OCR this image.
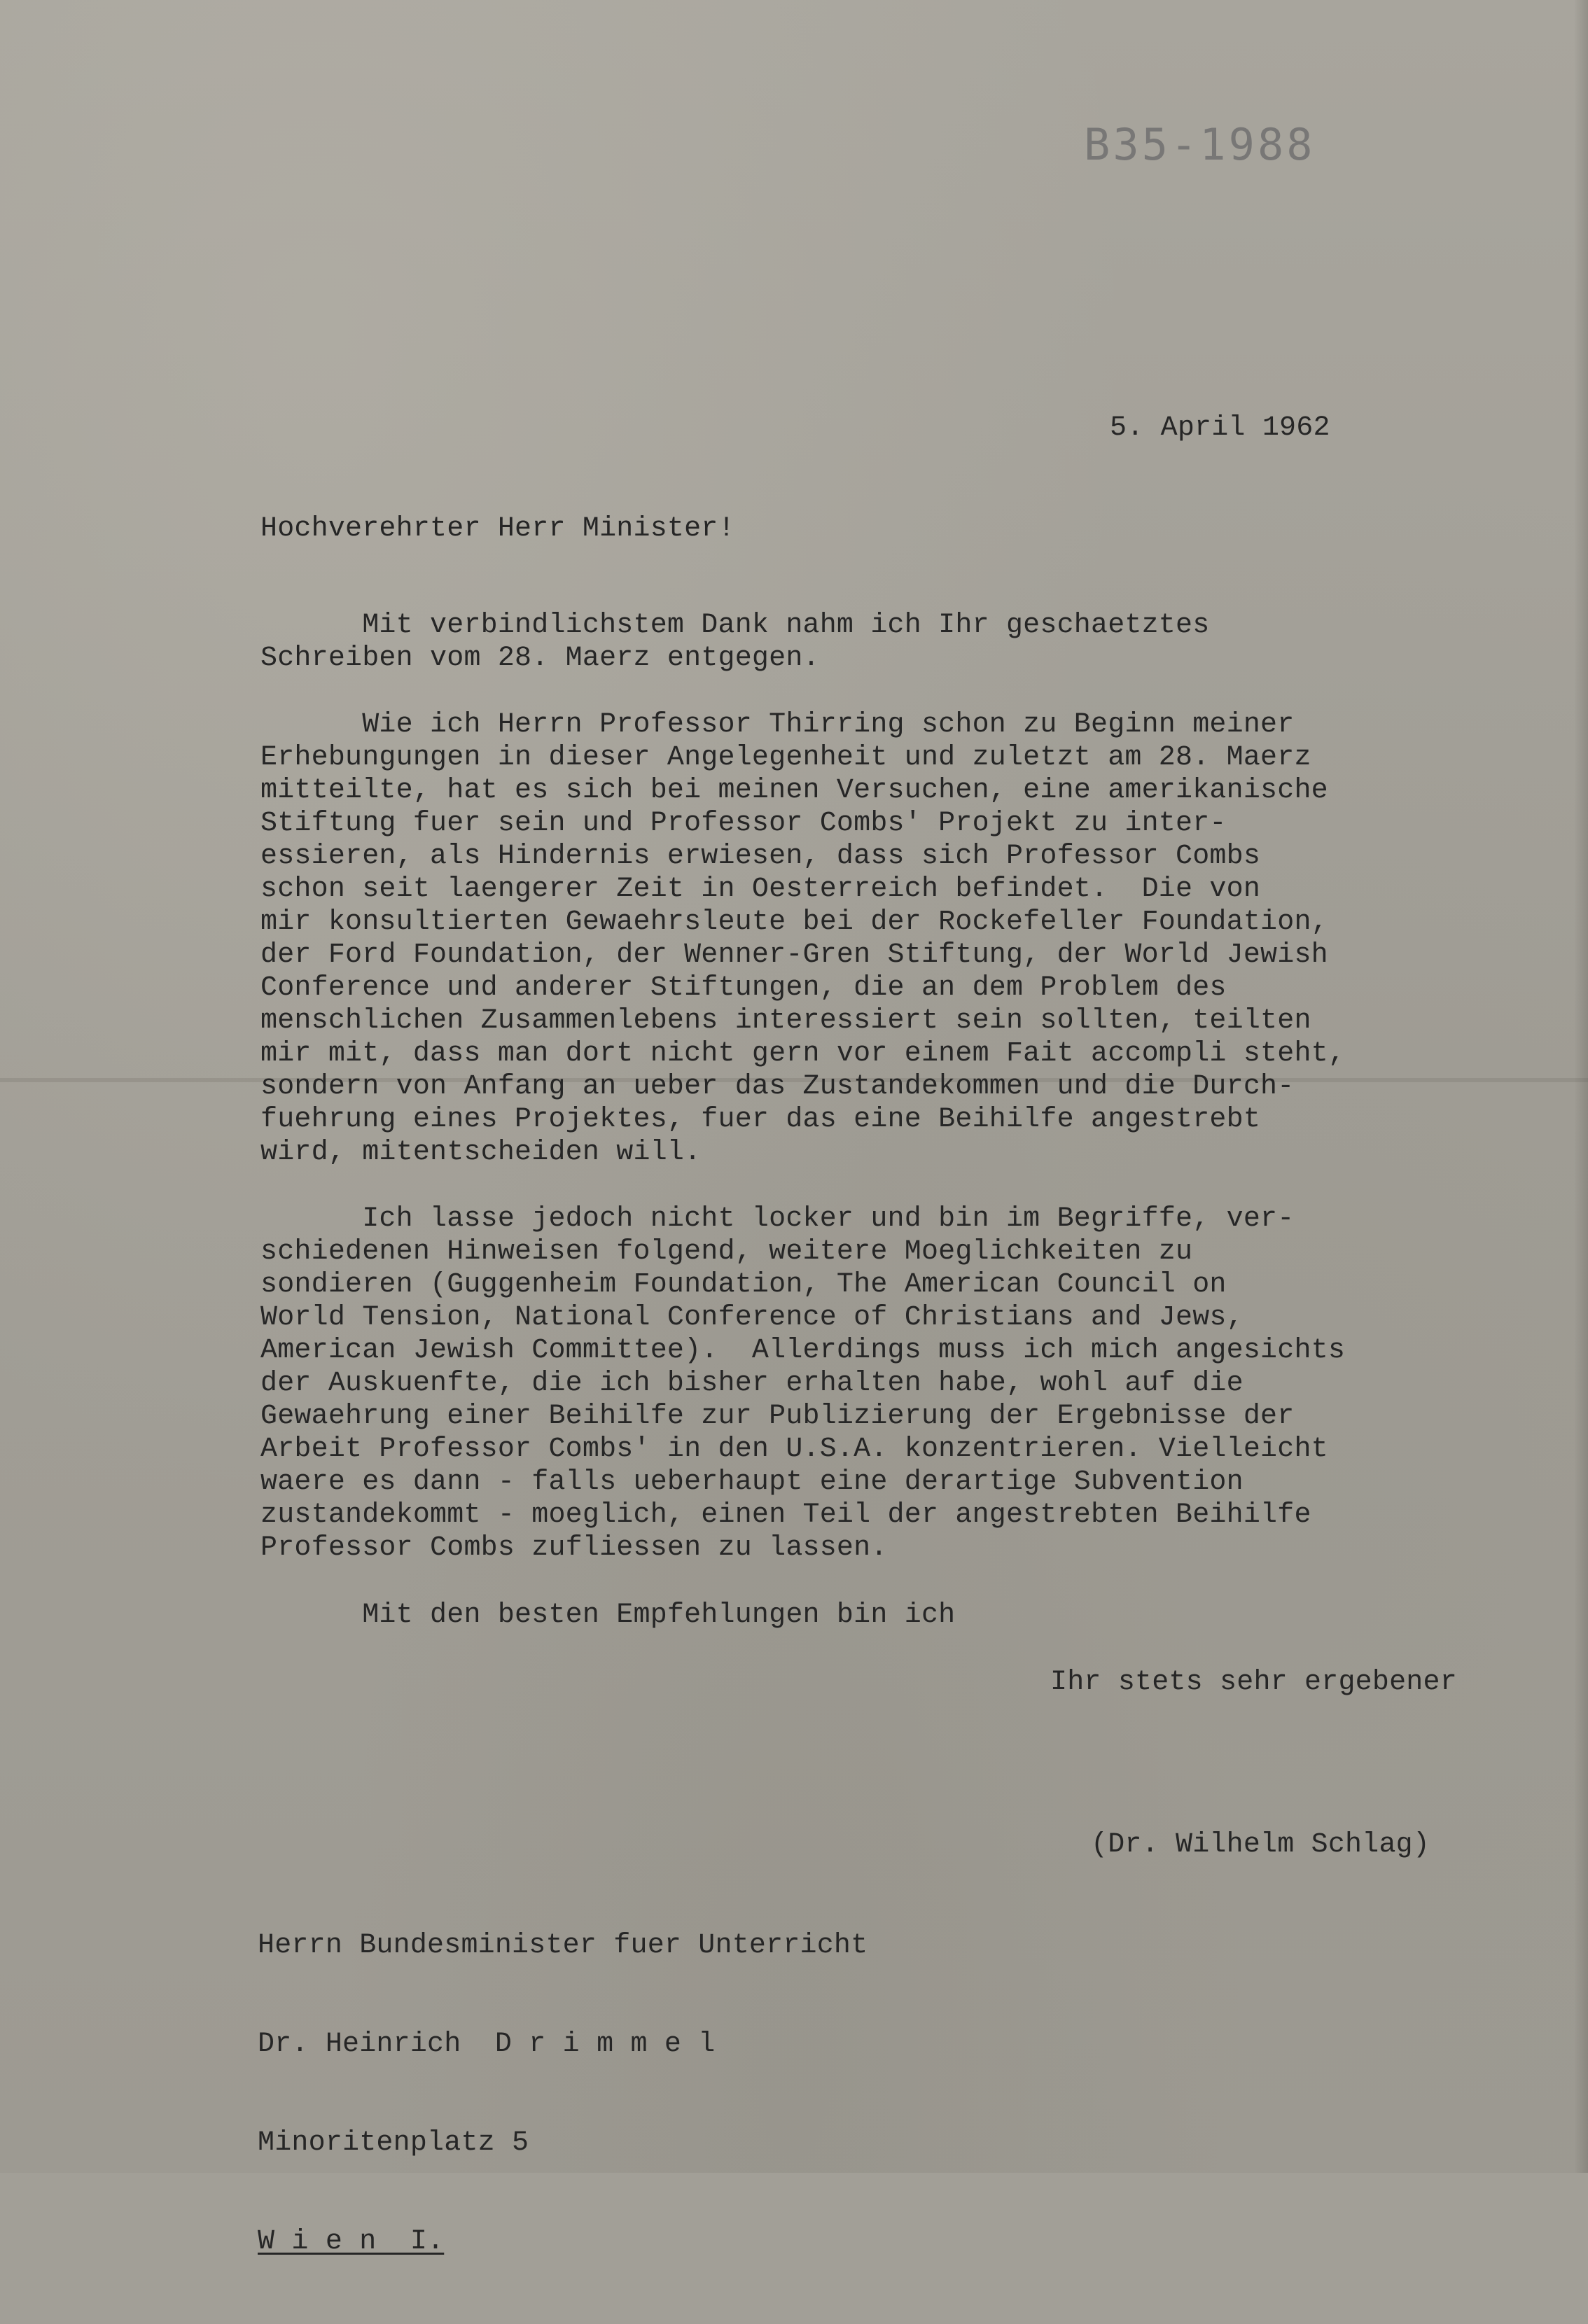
B35-1988
5. April 1962
Hochverehrter Herr Minister!
Mit verbindlichstem Dank nahm ich Ihr geschaetztes
Schreiben vom 28. Maerz entgegen.
Wie ich Herrn Professor Thirring schon zu Beginn meiner
Erhebungungen in dieser Angelegenheit und zuletzt am 28. Maerz
mitteilte, hat es sich bei meinen Versuchen, eine amerikanische
Stiftung fuer sein und Professor Combs' Projekt zu inter-
essieren, als Hindernis erwiesen, dass sich Professor Combs
schon seit laengerer Zeit in Oesterreich befindet.  Die von
mir konsultierten Gewaehrsleute bei der Rockefeller Foundation,
der Ford Foundation, der Wenner-Gren Stiftung, der World Jewish
Conference und anderer Stiftungen, die an dem Problem des
menschlichen Zusammenlebens interessiert sein sollten, teilten
mir mit, dass man dort nicht gern vor einem Fait accompli steht,
sondern von Anfang an ueber das Zustandekommen und die Durch-
fuehrung eines Projektes, fuer das eine Beihilfe angestrebt
wird, mitentscheiden will.
Ich lasse jedoch nicht locker und bin im Begriffe, ver-
schiedenen Hinweisen folgend, weitere Moeglichkeiten zu
sondieren (Guggenheim Foundation, The American Council on
World Tension, National Conference of Christians and Jews,
American Jewish Committee).  Allerdings muss ich mich angesichts
der Auskuenfte, die ich bisher erhalten habe, wohl auf die
Gewaehrung einer Beihilfe zur Publizierung der Ergebnisse der
Arbeit Professor Combs' in den U.S.A. konzentrieren. Vielleicht
waere es dann - falls ueberhaupt eine derartige Subvention
zustandekommt - moeglich, einen Teil der angestrebten Beihilfe
Professor Combs zufliessen zu lassen.
Mit den besten Empfehlungen bin ich
Ihr stets sehr ergebener
(Dr. Wilhelm Schlag)

Herrn Bundesminister fuer Unterricht

Dr. Heinrich  D r i m m e l

Minoritenplatz 5

W i e n  I.
